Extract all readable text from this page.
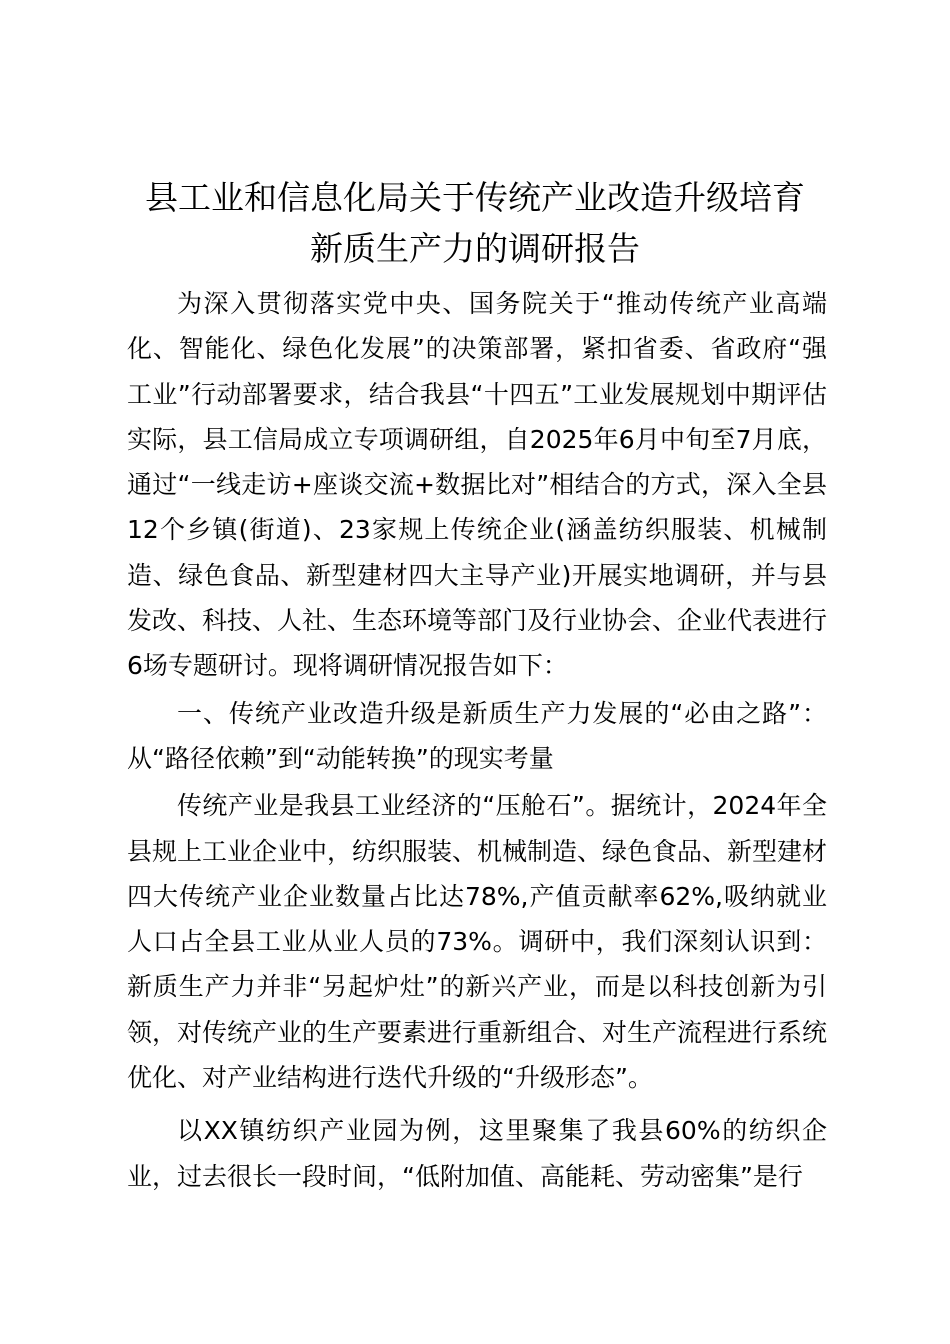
县工业和信息化局关于传统产业改造升级培育
新质生产力的调研报告

为深入贯彻落实党中央、国务院关于“推动传统产业高端化、智能化、绿色化发展”的决策部署，紧扣省委、省政府“强工业”行动部署要求，结合我县“十四五”工业发展规划中期评估实际，县工信局成立专项调研组，自2025年6月中旬至7月底，通过“一线走访+座谈交流+数据比对”相结合的方式，深入全县12个乡镇(街道)、23家规上传统企业(涵盖纺织服装、机械制造、绿色食品、新型建材四大主导产业)开展实地调研，并与县发改、科技、人社、生态环境等部门及行业协会、企业代表进行6场专题研讨。现将调研情况报告如下：

一、传统产业改造升级是新质生产力发展的“必由之路”：从“路径依赖”到“动能转换”的现实考量

传统产业是我县工业经济的“压舱石”。据统计，2024年全县规上工业企业中，纺织服装、机械制造、绿色食品、新型建材四大传统产业企业数量占比达78%,产值贡献率62%,吸纳就业人口占全县工业从业人员的73%。调研中，我们深刻认识到：新质生产力并非“另起炉灶”的新兴产业，而是以科技创新为引领，对传统产业的生产要素进行重新组合、对生产流程进行系统优化、对产业结构进行迭代升级的“升级形态”。

以XX镇纺织产业园为例，这里聚集了我县60%的纺织企业，过去很长一段时间，“低附加值、高能耗、劳动密集”是行
